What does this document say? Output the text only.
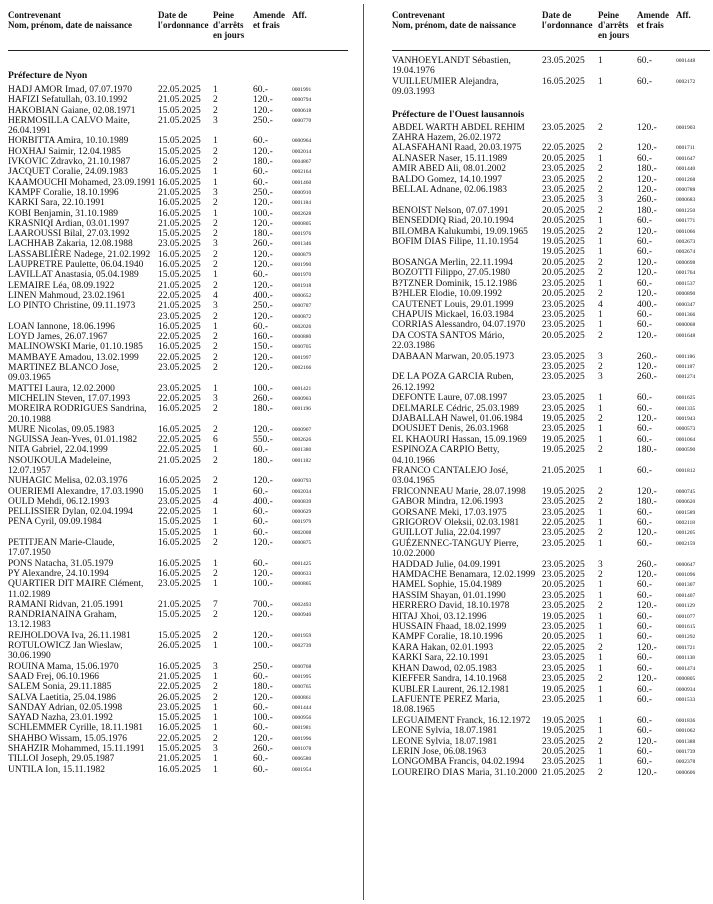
Contrevenant
Nom, prénom, date de naissance
Date de
l'ordonnance
Peine
d'arrêts
en jours
Amende
et frais
Aff.
Préfecture de Nyon
HADJ AMOR Imad, 07.07.1970	22.05.2025 1	60.-	0001991
HAFIZI Sefatullah, 03.10.1992	21.05.2025 2	120.-	0000794
HAKOBIAN Gaiane, 02.08.1971	15.05.2025 2	120.-	0000618
HERMOSILLA CALVO Maite, 26.04.1991
21.05.2025 3	250.-	0000770
HORBITTA Amira, 10.10.1989	15.05.2025 1	60.-	0000964
HOXHAJ Saimir, 12.04.1985	15.05.2025 2	120.-	0002014
IVKOVIC Zdravko, 21.10.1987	16.05.2025 2	180.-	0004867
JACQUET Coralie, 24.09.1983	16.05.2025 1	60.-	0002164
KAAMOUCHI Mohamed, 23.09.1991 16.05.2025 1	60.-	0001460
KAMPF Coralie, 18.10.1996	21.05.2025 3	250.-	0000910
KARKI Sara, 22.10.1991	16.05.2025 2	120.-	0001184
KOBI Benjamin, 31.10.1989	16.05.2025 1	100.-	0002628
KRASNIQI Ardian, 03.01.1997	21.05.2025 2	120.-	0000805
LAAROUSSI Bilal, 27.03.1992	15.05.2025 2	180.-	0001976
LACHHAB Zakaria, 12.08.1988	23.05.2025 3	260.-	0001346
LASSABLIÈRE Nadege, 21.02.1992 16.05.2025 2	120.-	0000879
LAUPRETRE Paulette, 06.04.1940	16.05.2025 2	120.-	0001990
LAVILLAT Anastasia, 05.04.1989	15.05.2025 1	60.-	0001970
LEMAIRE Léa, 08.09.1922	21.05.2025 2	120.-	0001918
LINEN Mahmoud, 23.02.1961	22.05.2025 4	400.-	0000652
LO PINTO Christine, 09.11.1973	21.05.2025 3	250.-	0000787
23.05.2025 2	120.-	0000872
LOAN Iannone, 18.06.1996	16.05.2025 1	60.-	0002026
LOYD James, 26.07.1967	22.05.2025 2	160.-	0000880
MALINOWSKI Marie, 01.10.1985	16.05.2025 2	150.-	0000705
MAMBAYE Amadou, 13.02.1999	22.05.2025 2	120.-	0001997
MARTINEZ BLANCO Jose, 09.03.1965
23.05.2025 2	120.-	0002166
MATTEI Laura, 12.02.2000	23.05.2025 1	100.-	0001421
MICHELIN Steven, 17.07.1993	22.05.2025 3	260.-	0000903
MOREIRA RODRIGUES Sandrina, 20.10.1988
16.05.2025 2	180.-	0001196
MURE Nicolas, 09.05.1983	16.05.2025 2	120.-	0000907
NGUISSA Jean-Yves, 01.01.1982	22.05.2025 6	550.-	0002626
NITA Gabriel, 22.04.1999	22.05.2025 1	60.-	0001380
NSOUKOULA Madeleine, 12.07.1957
21.05.2025 2	180.-	0001182
NUHAGIC Melisa, 02.03.1976	16.05.2025 2	120.-	0000793
OUERIEMI Alexandre, 17.03.1990	15.05.2025 1	60.-	0002034
OULD Mehdi, 06.12.1993	23.05.2025 4	400.-	0000839
PELLISSIER Dylan, 02.04.1994	22.05.2025 1	60.-	0000629
PENA Cyril, 09.09.1984	15.05.2025 1	60.-	0001979
15.05.2025 1	60.-	0002008
PETITJEAN Marie-Claude, 17.07.1950
16.05.2025 2	120.-	0000875
PONS Natacha, 31.05.1979	16.05.2025 1	60.-	0001425
PY Alexandre, 24.10.1994	16.05.2025 2	120.-	0000633
QUARTIER DIT MAIRE Clément, 11.02.1989
23.05.2025 1	100.-	0000865
RAMANI Ridvan, 21.05.1991	21.05.2025 7	700.-	0002493
RANDRIANAINA Graham, 13.12.1983
15.05.2025 2	120.-	0000940
REJHOLDOVA Iva, 26.11.1981	15.05.2025 2	120.-	0001959
ROTULOWICZ Jan Wieslaw, 30.06.1990
26.05.2025 1	100.-	0002739
ROUINA Mama, 15.06.1970	16.05.2025 3	250.-	0000768
SAAD Frej, 06.10.1966	21.05.2025 1	60.-	0001995
SALEM Sonia, 29.11.1885	22.05.2025 2	180.-	0000765
SALVA Laetitia, 25.04.1986	26.05.2025 2	120.-	0000861
SANDAY Adrian, 02.05.1998	23.05.2025 1	60.-	0001444
SAYAD Nazha, 23.01.1992	15.05.2025 1	100.-	0000956
SCHLEMMER Cyrille, 18.11.1981	16.05.2025 1	60.-	0001981
SHAHBO Wissam, 15.05.1976	22.05.2025 2	120.-	0001996
SHAHZIR Mohammed, 15.11.1991	15.05.2025 3	260.-	0001078
TILLOI Joseph, 29.05.1987	21.05.2025 1	60.-	0006580
UNTILA Ion, 15.11.1982	16.05.2025 1	60.-	0001954
Contrevenant
Nom, prénom, date de naissance
Date de
l'ordonnance
Peine
d'arrêts
en jours
Amende
et frais
Aff.
VANHOEYLANDT Sébastien, 19.04.1976
23.05.2025 1	60.-	0001448
VUILLEUMIER Alejandra, 09.03.1993
16.05.2025 1	60.-	0002172
Préfecture de l'Ouest lausannois
ABDEL WARTH ABDEL REHIM ZAHRA Hazem, 26.02.1972
23.05.2025 2	120.-	0001903
ALASFAHANI Raad, 20.03.1975	22.05.2025 2	120.-	0001711
ALNASER Naser, 15.11.1989	20.05.2025 1	60.-	0001647
AMIR ABED Ali, 08.01.2002	23.05.2025 2	180.-	0001440
BALDO Gomez, 14.10.1997	23.05.2025 2	120.-	0001268
BELLAL Adnane, 02.06.1983	23.05.2025 2	120.-	0000788
23.05.2025 3	260.-	0000683
BENOIST Nelson, 07.07.1991	20.05.2025 2	180.-	0001250
BENSEDDIQ Riad, 20.10.1994	20.05.2025 1	60.-	0001771
BILOMBA Kalukumbi, 19.09.1965	19.05.2025 2	120.-	0001066
BOFIM DIAS Filipe, 11.10.1954	19.05.2025 1	60.-	0002673
19.05.2025 1	60.-	0002674
BOSANGA Merlin, 22.11.1994	20.05.2025 2	120.-	0000698
BOZOTTI Filippo, 27.05.1980	20.05.2025 2	120.-	0001764
B?TZNER Dominik, 15.12.1986	23.05.2025 1	60.-	0001537
B?HLER Elodie, 10.09.1992	20.05.2025 2	120.-	0000890
CAUTENET Louis, 29.01.1999	23.05.2025 4	400.-	0000347
CHAPUIS Mickael, 16.03.1984	23.05.2025 1	60.-	0001366
CORRIAS Alessandro, 04.07.1970	23.05.2025 1	60.-	0000068
DA COSTA SANTOS Mário, 22.03.1986
20.05.2025 2	120.-	0001648
DABAAN Marwan, 20.05.1973	23.05.2025 3	260.-	0001186
23.05.2025 2	120.-	0001187
DE LA POZA GARCIA Ruben, 26.12.1992
23.05.2025 3	260.-	0001274
DEFONTE Laure, 07.08.1997	23.05.2025 1	60.-	0001625
DELMARLE Cédric, 25.03.1989	23.05.2025 1	60.-	0001335
DJABALLAH Nawel, 01.06.1984	19.05.2025 2	120.-	0001943
DOUSIJET Denis, 26.03.1968	23.05.2025 1	60.-	0000573
EL KHAOURI Hassan, 15.09.1969	19.05.2025 1	60.-	0001064
ESPINOZA CARPIO Betty, 04.10.1966
19.05.2025 2	180.-	0000590
FRANCO CANTALEJO José, 03.04.1965
21.05.2025 1	60.-	0001812
FRICONNEAU Marie, 28.07.1998	19.05.2025 2	120.-	0000745
GABOR Mindra, 12.06.1993	23.05.2025 2	180.-	0000620
GORSANE Meki, 17.03.1975	23.05.2025 1	60.-	0001589
GRIGOROV Oleksii, 02.03.1981	22.05.2025 1	60.-	0002118
GUILLOT Julia, 22.04.1997	23.05.2025 2	120.-	0001205
GUÉZENNEC-TANGUY Pierre, 10.02.2000
23.05.2025 1	60.-	0002159
HADDAD Julie, 04.09.1991	23.05.2025 3	260.-	0000647
HAMDACHE Benamara, 12.02.1999 23.05.2025 2	120.-	0001096
HAMEL Sophie, 15.04.1989	20.05.2025 1	60.-	0001307
HASSIM Shayan, 01.01.1990	23.05.2025 1	60.-	0001407
HERRERO David, 18.10.1978	23.05.2025 2	120.-	0001129
HITAJ Xhoi, 03.12.1996	19.05.2025 1	60.-	0001077
HUSSAIN Fhaad, 18.02.1999	23.05.2025 1	60.-	0001615
KAMPF Coralie, 18.10.1996	20.05.2025 1	60.-	0001292
KARA Hakan, 02.01.1993	22.05.2025 2	120.-	0001721
KARKI Sara, 22.10.1991	23.05.2025 1	60.-	0001138
KHAN Dawod, 02.05.1983	23.05.2025 1	60.-	0001474
KIEFFER Sandra, 14.10.1968	23.05.2025 2	120.-	0000805
KUBLER Laurent, 26.12.1981	19.05.2025 1	60.-	0000934
LAFUENTE PEREZ Maria, 18.08.1965
23.05.2025 1	60.-	0001533
LEGUAIMENT Franck, 16.12.1972	19.05.2025 1	60.-	0001836
LEONE Sylvia, 18.07.1981	19.05.2025 1	60.-	0001062
LEONE Sylvia, 18.07.1981	23.05.2025 2	120.-	0001388
LERIN Jose, 06.08.1963	20.05.2025 1	60.-	0001739
LONGOMBA Francis, 04.02.1994	23.05.2025 1	60.-	0002378
LOUREIRO DIAS Maria, 31.10.2000 21.05.2025 2	120.-	0000606
